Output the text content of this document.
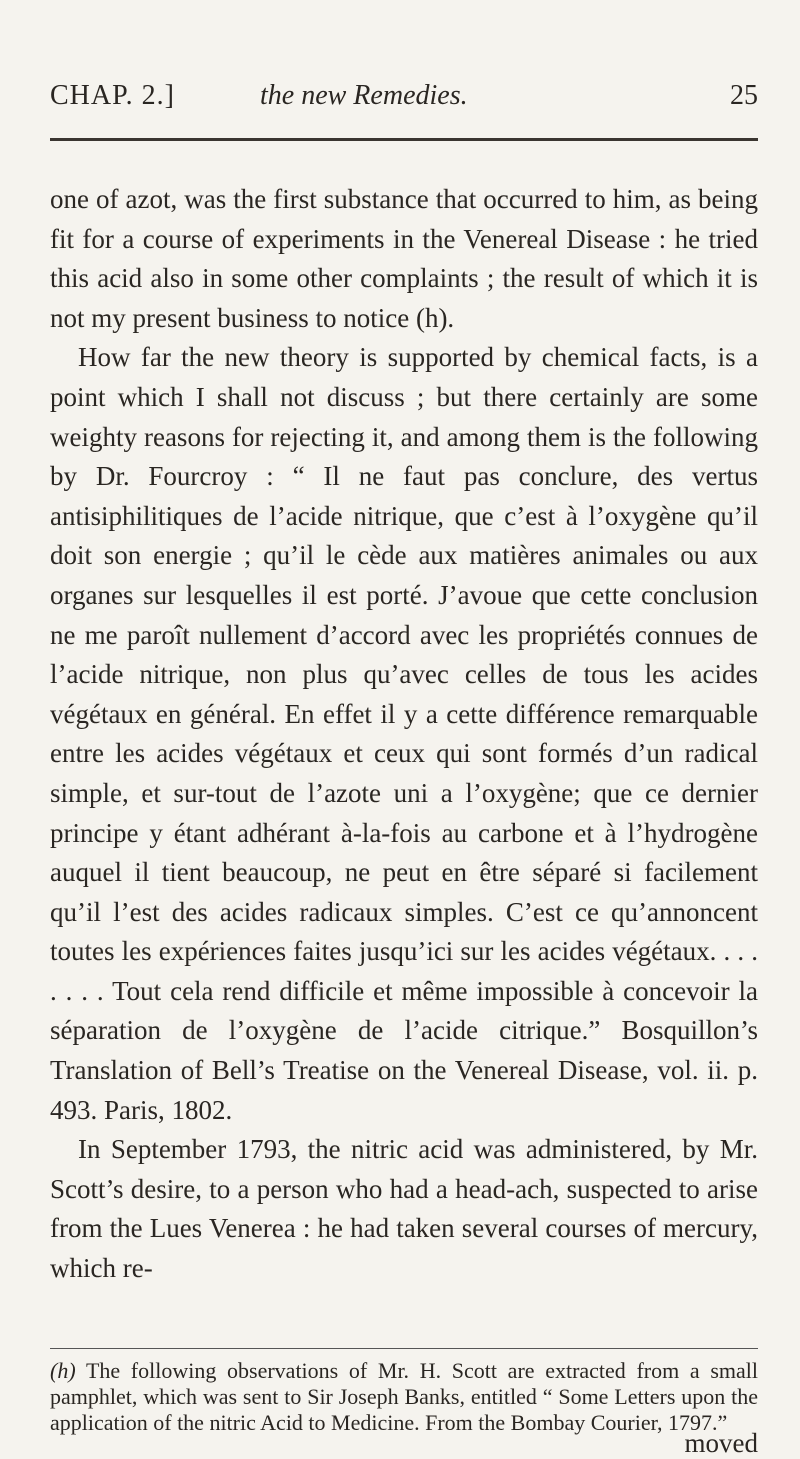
CHAP. 2.]	the new Remedies.	25

one of azot, was the first substance that occurred to him, as being fit for a course of experiments in the Venereal Disease : he tried this acid also in some other complaints ; the result of which it is not my present business to notice (h).

How far the new theory is supported by chemical facts, is a point which I shall not discuss ; but there certainly are some weighty reasons for rejecting it, and among them is the following by Dr. Fourcroy : “ Il ne faut pas conclure, des vertus antisiphilitiques de l’acide nitrique, que c’est à l’oxygène qu’il doit son energie ; qu’il le cède aux matières animales ou aux organes sur lesquelles il est porté. J’avoue que cette conclusion ne me paroît nullement d’accord avec les propriétés connues de l’acide nitrique, non plus qu’avec celles de tous les acides végétaux en général. En effet il y a cette différence remarquable entre les acides végétaux et ceux qui sont formés d’un radical simple, et sur-tout de l’azote uni a l’oxygène; que ce dernier principe y étant adhérant à-la-fois au carbone et à l’hydrogène auquel il tient beaucoup, ne peut en être séparé si facilement qu’il l’est des acides radicaux simples. C’est ce qu’annoncent toutes les expériences faites jusqu’ici sur les acides végétaux. . . . . . . . Tout cela rend difficile et même impossible à concevoir la séparation de l’oxygène de l’acide citrique.” Bosquillon’s Translation of Bell’s Treatise on the Venereal Disease, vol. ii. p. 493. Paris, 1802.

In September 1793, the nitric acid was administered, by Mr. Scott’s desire, to a person who had a head-ach, suspected to arise from the Lues Venerea : he had taken several courses of mercury, which re-

(h) The following observations of Mr. H. Scott are extracted from a small pamphlet, which was sent to Sir Joseph Banks, entitled “ Some Letters upon the application of the nitric Acid to Medicine. From the Bombay Courier, 1797.”
moved
